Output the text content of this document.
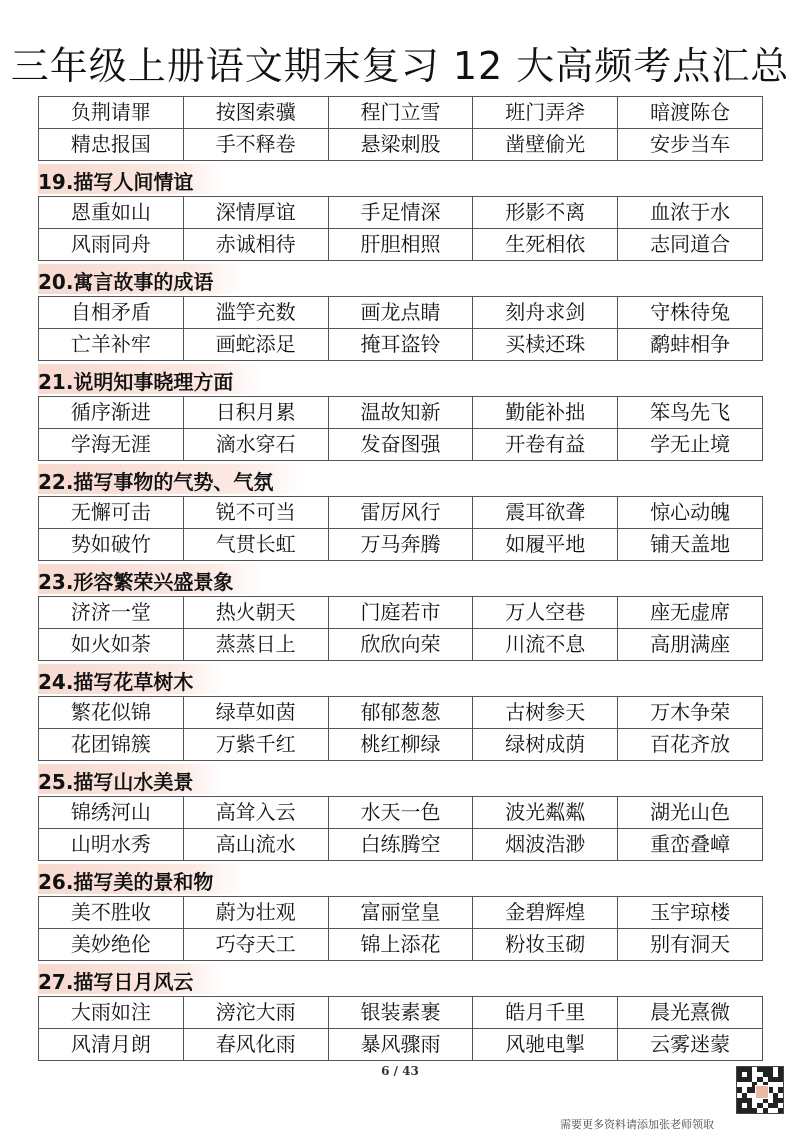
三年级上册语文期末复习 12 大高频考点汇总
负荆请罪	按图索骥	程门立雪	班门弄斧	暗渡陈仓
精忠报国	手不释卷	悬梁刺股	凿壁偷光	安步当车
19.描写人间情谊
恩重如山	深情厚谊	手足情深	形影不离	血浓于水
风雨同舟	赤诚相待	肝胆相照	生死相依	志同道合
20.寓言故事的成语
自相矛盾	滥竽充数	画龙点睛	刻舟求剑	守株待兔
亡羊补牢	画蛇添足	掩耳盗铃	买椟还珠	鹬蚌相争
21.说明知事晓理方面
循序渐进	日积月累	温故知新	勤能补拙	笨鸟先飞
学海无涯	滴水穿石	发奋图强	开卷有益	学无止境
22.描写事物的气势、气氛
无懈可击	锐不可当	雷厉风行	震耳欲聋	惊心动魄
势如破竹	气贯长虹	万马奔腾	如履平地	铺天盖地
23.形容繁荣兴盛景象
济济一堂	热火朝天	门庭若市	万人空巷	座无虚席
如火如荼	蒸蒸日上	欣欣向荣	川流不息	高朋满座
24.描写花草树木
繁花似锦	绿草如茵	郁郁葱葱	古树参天	万木争荣
花团锦簇	万紫千红	桃红柳绿	绿树成荫	百花齐放
25.描写山水美景
锦绣河山	高耸入云	水天一色	波光粼粼	湖光山色
山明水秀	高山流水	白练腾空	烟波浩渺	重峦叠嶂
26.描写美的景和物
美不胜收	蔚为壮观	富丽堂皇	金碧辉煌	玉宇琼楼
美妙绝伦	巧夺天工	锦上添花	粉妆玉砌	别有洞天
27.描写日月风云
大雨如注	滂沱大雨	银装素裹	皓月千里	晨光熹微
风清月朗	春风化雨	暴风骤雨	风驰电掣	云雾迷蒙
6 / 43
需要更多资料请添加张老师领取
